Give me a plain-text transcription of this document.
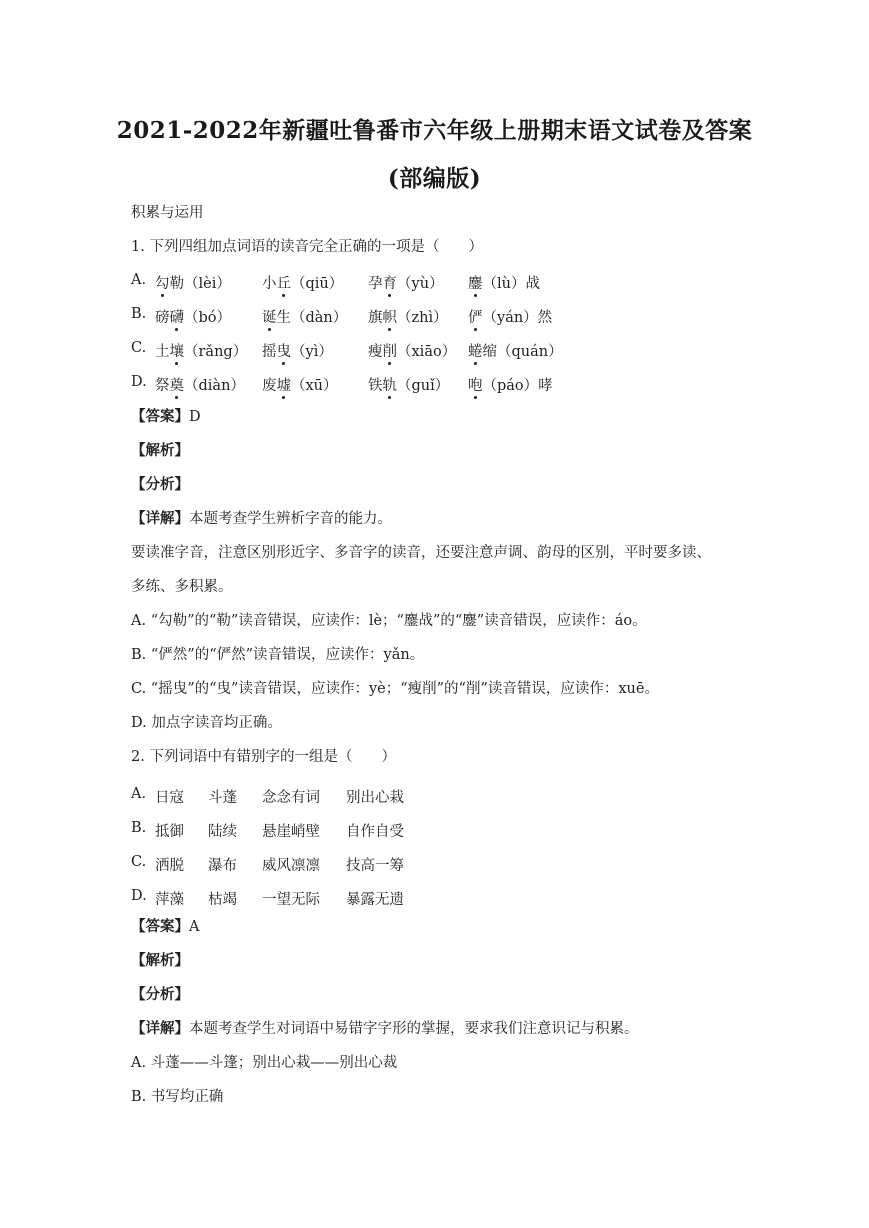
2021-2022年新疆吐鲁番市六年级上册期末语文试卷及答案
(部编版)
积累与运用
1. 下列四组加点词语的读音完全正确的一项是（　　）
A. 勾勒（lèi） 小丘（qiū） 孕育（yù） 鏖（lù）战
B. 磅礴（bó） 诞生（dàn） 旗帜（zhì） 俨（yán）然
C. 土壤（rǎng） 摇曳（yì） 瘦削（xiāo） 蜷缩（quán）
D. 祭奠（diàn） 废墟（xū） 铁轨（guǐ） 咆（páo）哮
【答案】D
【解析】
【分析】
【详解】本题考查学生辨析字音的能力。
要读准字音，注意区别形近字、多音字的读音，还要注意声调、韵母的区别，平时要多读、
多练、多积累。
A. “勾勒”的“勒”读音错误，应读作：lè；“鏖战”的“鏖”读音错误，应读作：áo。
B. “俨然”的“俨然”读音错误，应读作：yǎn。
C. “摇曳”的“曳”读音错误，应读作：yè；“瘦削”的“削”读音错误，应读作：xuē。
D. 加点字读音均正确。
2. 下列词语中有错别字的一组是（　　）
A. 日寇 斗蓬 念念有词 别出心栽
B. 抵御 陆续 悬崖峭壁 自作自受
C. 洒脱 瀑布 威风凛凛 技高一筹
D. 萍藻 枯竭 一望无际 暴露无遗
【答案】A
【解析】
【分析】
【详解】本题考查学生对词语中易错字字形的掌握，要求我们注意识记与积累。
A. 斗蓬——斗篷；别出心栽——别出心裁
B. 书写均正确
